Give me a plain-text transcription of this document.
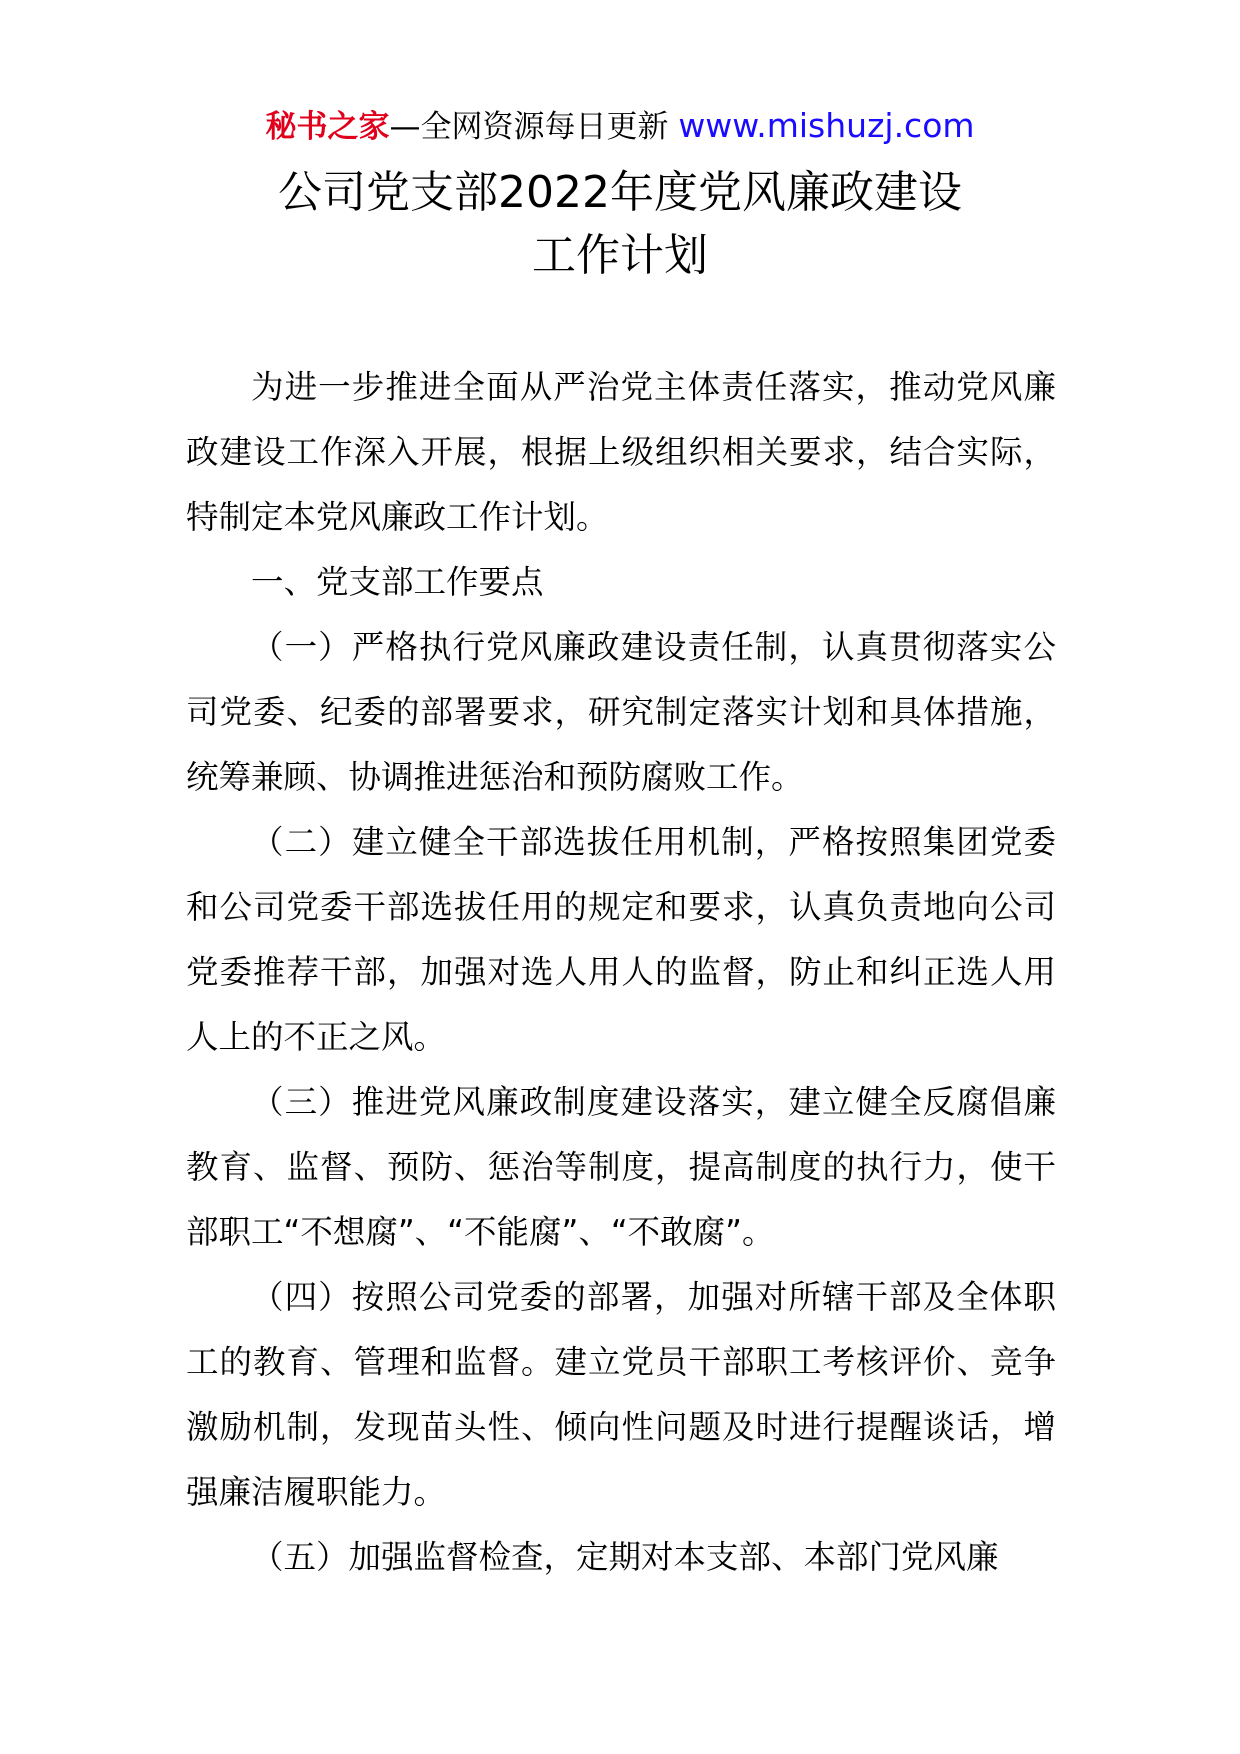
秘书之家—全网资源每日更新 www.mishuzj.com
公司党支部2022年度党风廉政建设
工作计划

为进一步推进全面从严治党主体责任落实，推动党风廉政建设工作深入开展，根据上级组织相关要求，结合实际，特制定本党风廉政工作计划。

一、党支部工作要点

（一）严格执行党风廉政建设责任制，认真贯彻落实公司党委、纪委的部署要求，研究制定落实计划和具体措施，统筹兼顾、协调推进惩治和预防腐败工作。

（二）建立健全干部选拔任用机制，严格按照集团党委和公司党委干部选拔任用的规定和要求，认真负责地向公司党委推荐干部，加强对选人用人的监督，防止和纠正选人用人上的不正之风。

（三）推进党风廉政制度建设落实，建立健全反腐倡廉教育、监督、预防、惩治等制度，提高制度的执行力，使干部职工“不想腐”、“不能腐”、“不敢腐”。

（四）按照公司党委的部署，加强对所辖干部及全体职工的教育、管理和监督。建立党员干部职工考核评价、竞争激励机制，发现苗头性、倾向性问题及时进行提醒谈话，增强廉洁履职能力。

（五）加强监督检查，定期对本支部、本部门党风廉
